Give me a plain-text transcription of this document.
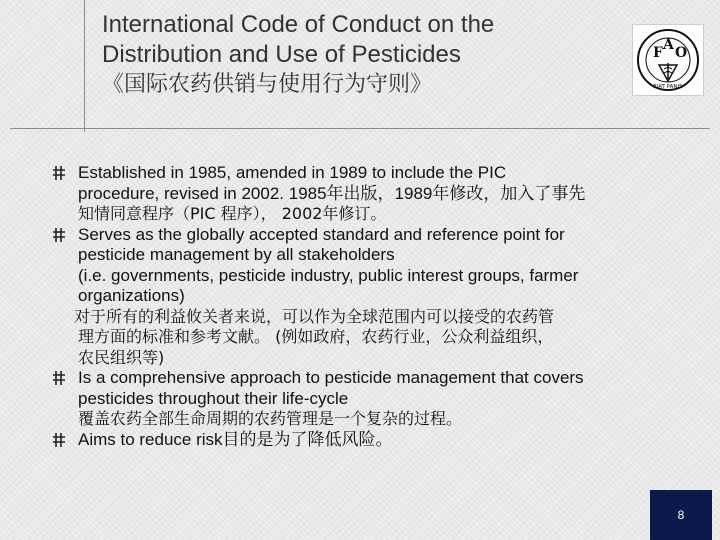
International Code of Conduct on the
Distribution and Use of Pesticides
《国际农药供销与使用行为守则》
F A O
FIAT PANIS
Established in 1985, amended in 1989 to include the PIC
procedure, revised in 2002. 1985年出版，1989年修改，加入了事先
知情同意程序（PIC 程序）， 2002年修订。
Serves as the globally accepted standard and reference point for
pesticide management by all stakeholders
(i.e. governments, pesticide industry, public interest groups, farmer
organizations)
对于所有的利益攸关者来说，可以作为全球范围内可以接受的农药管
理方面的标准和参考文献。 (例如政府，农药行业，公众利益组织，
农民组织等)
Is a comprehensive approach to pesticide management that covers
pesticides throughout their life-cycle
覆盖农药全部生命周期的农药管理是一个复杂的过程。
Aims to reduce risk目的是为了降低风险。
8
